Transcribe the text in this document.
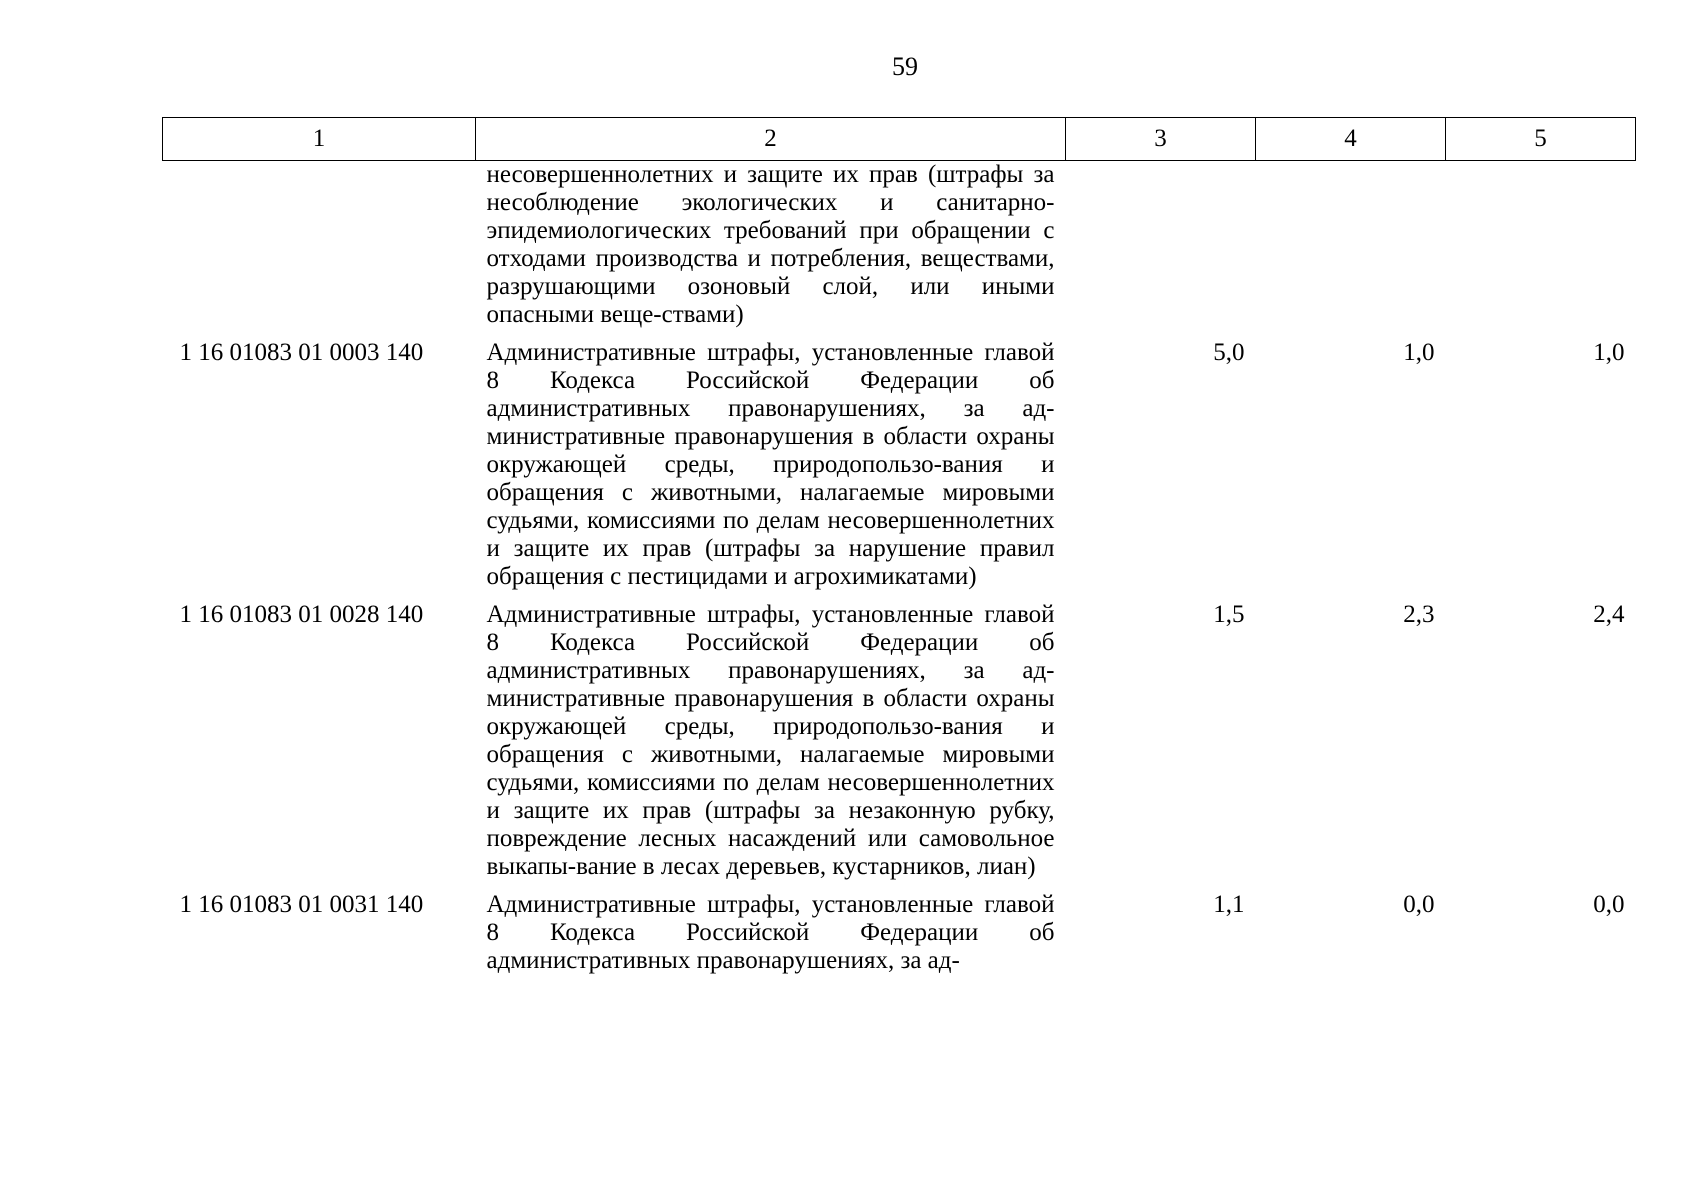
59
1	2	3	4	5
	несовершеннолетних и защите их прав (штрафы за несоблюдение экологических и санитарно-эпидемиологических требований при обращении с отходами производства и потребления, веществами, разрушающими озоновый слой, или иными опасными веще-ствами)			
1 16 01083 01 0003 140	Административные штрафы, установленные главой 8 Кодекса Российской Федерации об административных правонарушениях, за ад-министративные правонарушения в области охраны окружающей среды, природопользо-вания и обращения с животными, налагаемые мировыми судьями, комиссиями по делам несовершеннолетних и защите их прав (штрафы за нарушение правил обращения с пестицидами и агрохимикатами)	5,0	1,0	1,0
1 16 01083 01 0028 140	Административные штрафы, установленные главой 8 Кодекса Российской Федерации об административных правонарушениях, за ад-министративные правонарушения в области охраны окружающей среды, природопользо-вания и обращения с животными, налагаемые мировыми судьями, комиссиями по делам несовершеннолетних и защите их прав (штрафы за незаконную рубку, повреждение лесных насаждений или самовольное выкапы-вание в лесах деревьев, кустарников, лиан)	1,5	2,3	2,4
1 16 01083 01 0031 140	Административные штрафы, установленные главой 8 Кодекса Российской Федерации об административных правонарушениях, за ад-	1,1	0,0	0,0
